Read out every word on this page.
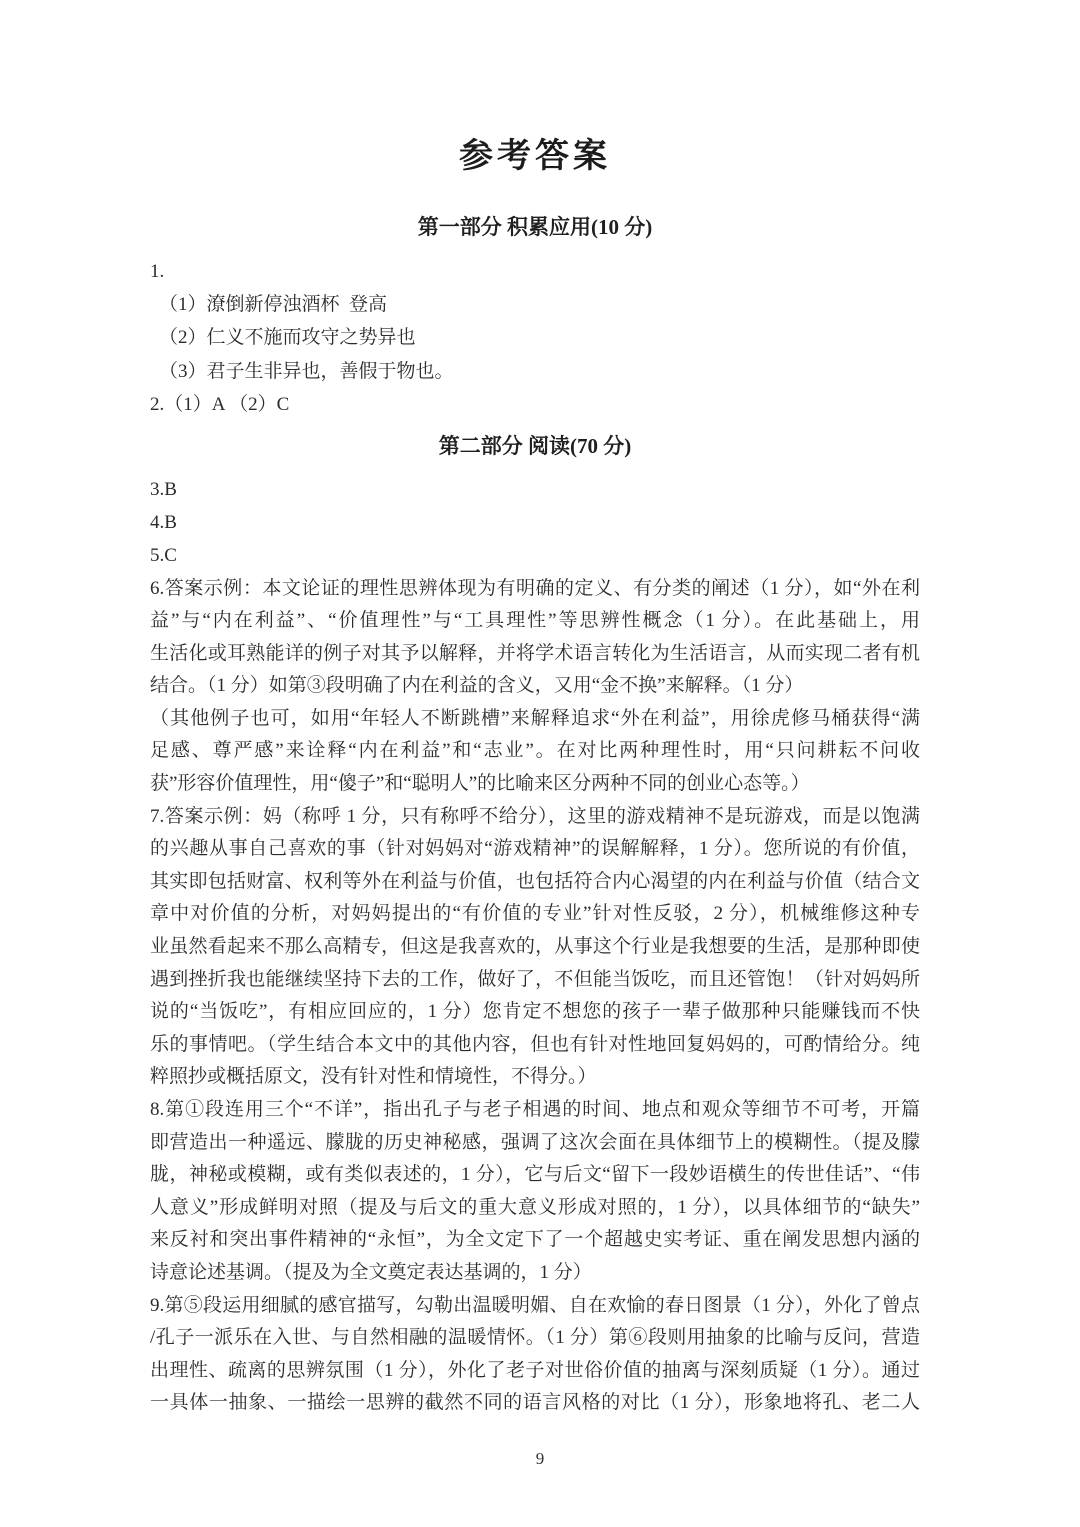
参考答案
第一部分 积累应用(10 分)
1.
（1）潦倒新停浊酒杯  登高
（2）仁义不施而攻守之势异也
（3）君子生非异也，善假于物也。
2.（1）A （2）C
第二部分 阅读(70 分)
3.B
4.B
5.C
6.答案示例：本文论证的理性思辨体现为有明确的定义、有分类的阐述（1 分），如“外在利
益”与“内在利益”、“价值理性”与“工具理性”等思辨性概念（1 分）。在此基础上，用
生活化或耳熟能详的例子对其予以解释，并将学术语言转化为生活语言，从而实现二者有机
结合。（1 分）如第③段明确了内在利益的含义，又用“金不换”来解释。（1 分）
（其他例子也可，如用“年轻人不断跳槽”来解释追求“外在利益”，用徐虎修马桶获得“满
足感、尊严感”来诠释“内在利益”和“志业”。在对比两种理性时，用“只问耕耘不问收
获”形容价值理性，用“傻子”和“聪明人”的比喻来区分两种不同的创业心态等。）
7.答案示例：妈（称呼 1 分，只有称呼不给分），这里的游戏精神不是玩游戏，而是以饱满
的兴趣从事自己喜欢的事（针对妈妈对“游戏精神”的误解解释，1 分）。您所说的有价值，
其实即包括财富、权利等外在利益与价值，也包括符合内心渴望的内在利益与价值（结合文
章中对价值的分析，对妈妈提出的“有价值的专业”针对性反驳，2 分），机械维修这种专
业虽然看起来不那么高精专，但这是我喜欢的，从事这个行业是我想要的生活，是那种即使
遇到挫折我也能继续坚持下去的工作，做好了，不但能当饭吃，而且还管饱！（针对妈妈所
说的“当饭吃”，有相应回应的，1 分）您肯定不想您的孩子一辈子做那种只能赚钱而不快
乐的事情吧。（学生结合本文中的其他内容，但也有针对性地回复妈妈的，可酌情给分。纯
粹照抄或概括原文，没有针对性和情境性，不得分。）
8.第①段连用三个“不详”，指出孔子与老子相遇的时间、地点和观众等细节不可考，开篇
即营造出一种遥远、朦胧的历史神秘感，强调了这次会面在具体细节上的模糊性。（提及朦
胧，神秘或模糊，或有类似表述的，1 分），它与后文“留下一段妙语横生的传世佳话”、“伟
人意义”形成鲜明对照（提及与后文的重大意义形成对照的，1 分），以具体细节的“缺失”
来反衬和突出事件精神的“永恒”，为全文定下了一个超越史实考证、重在阐发思想内涵的
诗意论述基调。（提及为全文奠定表达基调的，1 分）
9.第⑤段运用细腻的感官描写，勾勒出温暖明媚、自在欢愉的春日图景（1 分），外化了曾点
/孔子一派乐在入世、与自然相融的温暖情怀。（1 分）第⑥段则用抽象的比喻与反问，营造
出理性、疏离的思辨氛围（1 分），外化了老子对世俗价值的抽离与深刻质疑（1 分）。通过
一具体一抽象、一描绘一思辨的截然不同的语言风格的对比（1 分），形象地将孔、老二人
9
